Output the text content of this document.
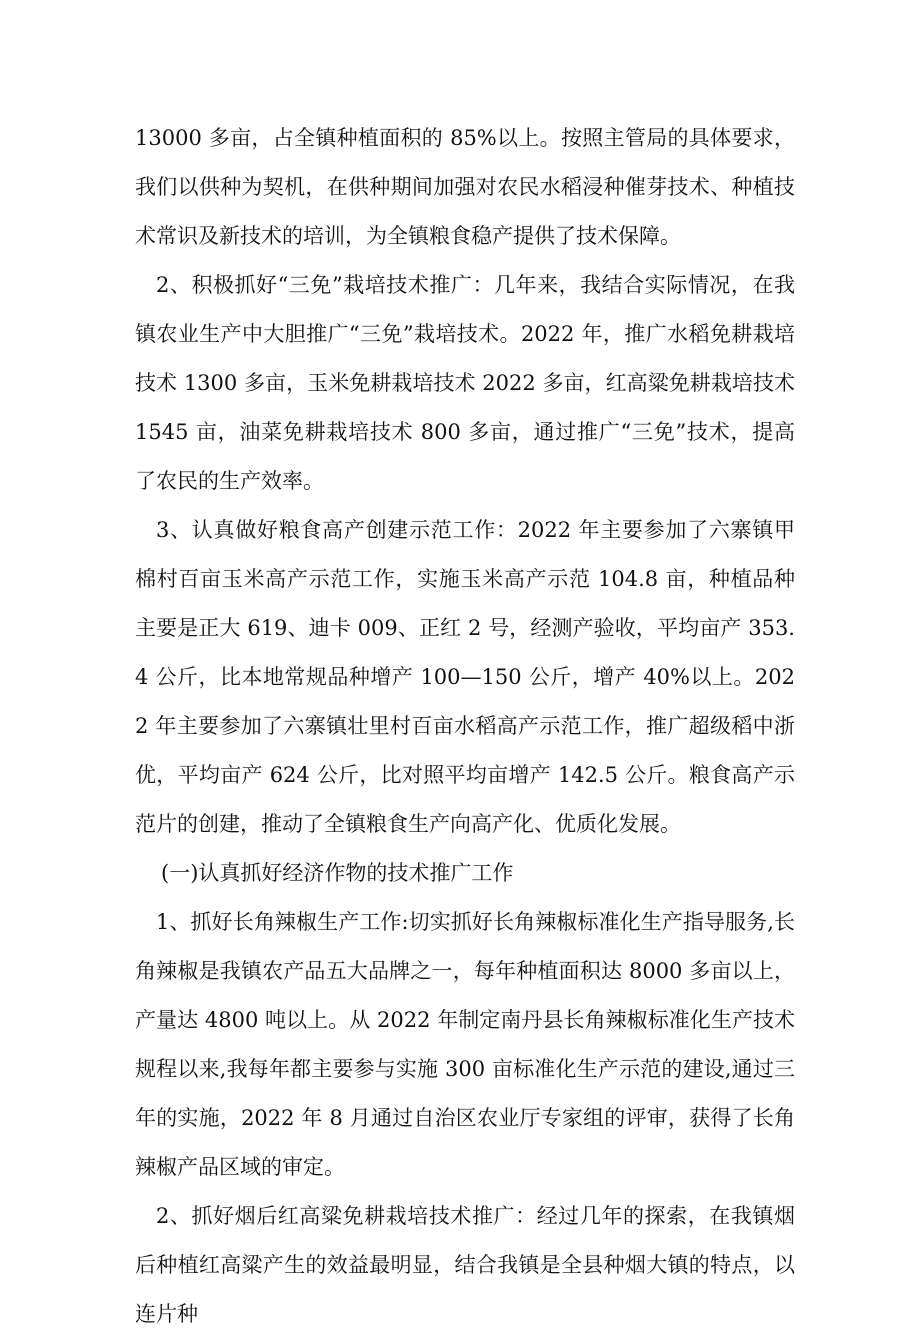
13000 多亩，占全镇种植面积的 85%以上。按照主管局的具体要求，我们以供种为契机，在供种期间加强对农民水稻浸种催芽技术、种植技术常识及新技术的培训，为全镇粮食稳产提供了技术保障。

2、积极抓好“三免”栽培技术推广：几年来，我结合实际情况，在我镇农业生产中大胆推广“三免”栽培技术。2022 年，推广水稻免耕栽培技术 1300 多亩，玉米免耕栽培技术 2022 多亩，红高粱免耕栽培技术 1545 亩，油菜免耕栽培技术 800 多亩，通过推广“三免”技术，提高了农民的生产效率。

3、认真做好粮食高产创建示范工作：2022 年主要参加了六寨镇甲棉村百亩玉米高产示范工作，实施玉米高产示范 104.8 亩，种植品种主要是正大 619、迪卡 009、正红 2 号，经测产验收，平均亩产 353.4 公斤，比本地常规品种增产 100—150 公斤，增产 40%以上。2022 年主要参加了六寨镇壮里村百亩水稻高产示范工作，推广超级稻中浙优，平均亩产 624 公斤，比对照平均亩增产 142.5 公斤。粮食高产示范片的创建，推动了全镇粮食生产向高产化、优质化发展。

(一)认真抓好经济作物的技术推广工作

1、抓好长角辣椒生产工作:切实抓好长角辣椒标准化生产指导服务,长角辣椒是我镇农产品五大品牌之一，每年种植面积达 8000 多亩以上，产量达 4800 吨以上。从 2022 年制定南丹县长角辣椒标准化生产技术规程以来,我每年都主要参与实施 300 亩标准化生产示范的建设,通过三年的实施，2022 年 8 月通过自治区农业厅专家组的评审，获得了长角辣椒产品区域的审定。

2、抓好烟后红高粱免耕栽培技术推广：经过几年的探索，在我镇烟后种植红高粱产生的效益最明显，结合我镇是全县种烟大镇的特点，以连片种
